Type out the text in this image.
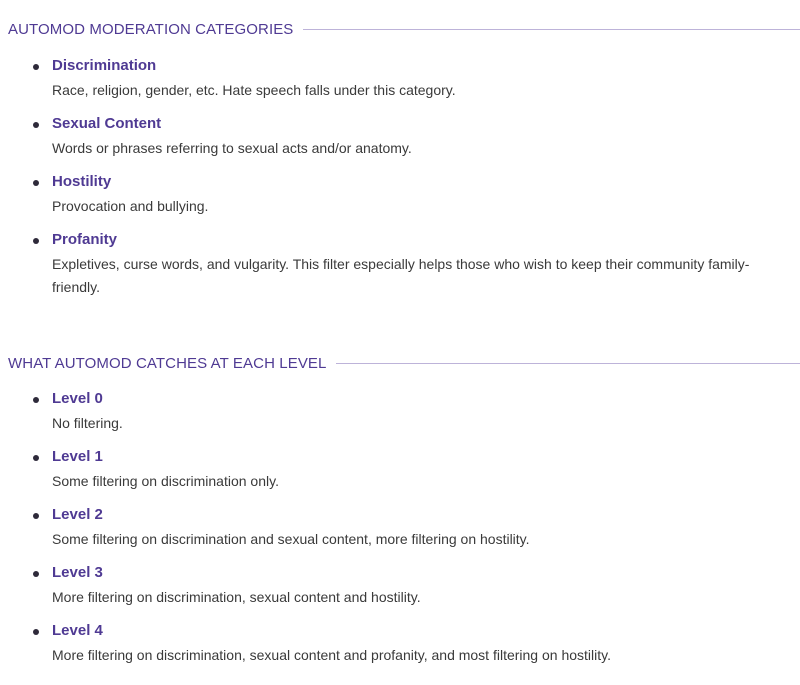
AUTOMOD MODERATION CATEGORIES
Discrimination
Race, religion, gender, etc. Hate speech falls under this category.
Sexual Content
Words or phrases referring to sexual acts and/or anatomy.
Hostility
Provocation and bullying.
Profanity
Expletives, curse words, and vulgarity. This filter especially helps those who wish to keep their community family-friendly.
WHAT AUTOMOD CATCHES AT EACH LEVEL
Level 0
No filtering.
Level 1
Some filtering on discrimination only.
Level 2
Some filtering on discrimination and sexual content, more filtering on hostility.
Level 3
More filtering on discrimination, sexual content and hostility.
Level 4
More filtering on discrimination, sexual content and profanity, and most filtering on hostility.
